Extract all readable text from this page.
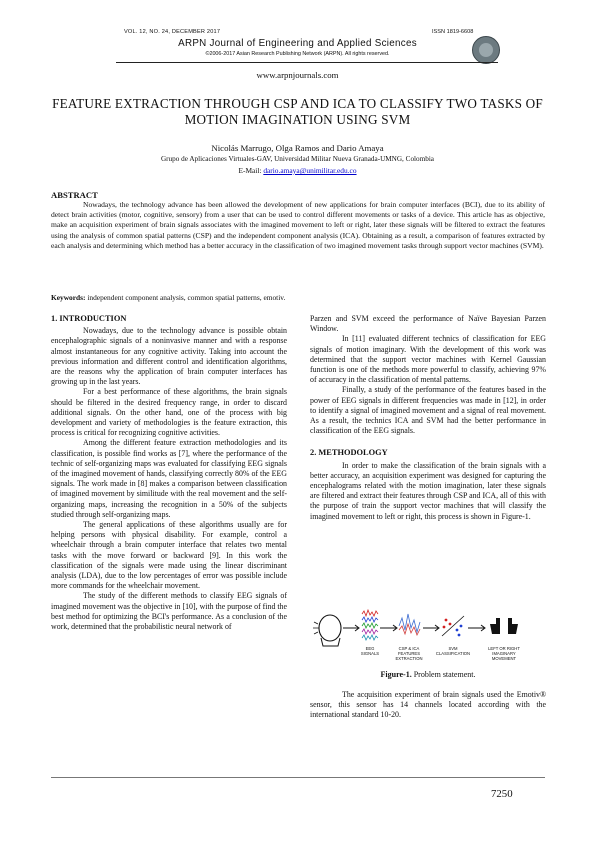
VOL. 12, NO. 24, DECEMBER 2017	ISSN 1819-6608
ARPN Journal of Engineering and Applied Sciences
©2006-2017 Asian Research Publishing Network (ARPN). All rights reserved.
www.arpnjournals.com
FEATURE EXTRACTION THROUGH CSP AND ICA TO CLASSIFY TWO TASKS OF MOTION IMAGINATION USING SVM
Nicolás Marrugo, Olga Ramos and Dario Amaya
Grupo de Aplicaciones Virtuales-GAV, Universidad Militar Nueva Granada-UMNG, Colombia
E-Mail: dario.amaya@unimilitar.edu.co
ABSTRACT
Nowadays, the technology advance has been allowed the development of new applications for brain computer interfaces (BCI), due to its ability of detect brain activities (motor, cognitive, sensory) from a user that can be used to control different movements or tasks of a device. This article has as objective, make an acquisition experiment of brain signals associates with the imagined movement to left or right, later these signals will be filtered to extract the features using the analysis of common spatial patterns (CSP) and the independent component analysis (ICA). Obtaining as a result, a comparison of features extracted by each analysis and determining which method has a better accuracy in the classification of two imagined movement tasks through support vector machines (SVM).
Keywords: independent component analysis, common spatial patterns, emotiv.
1. INTRODUCTION

Nowadays, due to the technology advance is possible obtain encephalographic signals of a noninvasive manner and with a response almost instantaneous for any cognitive activity. Taking into account the previous information and different control and identification algorithms, are the reasons why the application of brain computer interfaces has growing up in the last years.

For a best performance of these algorithms, the brain signals should be filtered in the desired frequency range, in order to discard additional signals. On the other hand, one of the process with big development and variety of methodologies is the feature extraction, this process is critical for recognizing cognitive activities.

Among the different feature extraction methodologies and its classification, is possible find works as [7], where the performance of the technic of self-organizing maps was evaluated for classifying EEG signals of the imagined movement of hands, classifying correctly 80% of the EEG signals. The work made in [8] makes a comparison between classification of imagined movement by similitude with the real movement and the self-organizing maps, increasing the recognition in a 50% of the subjects studied through self-organizing maps.

The general applications of these algorithms usually are for helping persons with physical disability. For example, control a wheelchair through a brain computer interface that relates two mental tasks with the move forward or backward [9]. In this work the classification of the signals were made using the linear discriminant analysis (LDA), due to the low percentages of error was possible include more commands for the wheelchair movement.

The study of the different methods to classify EEG signals of imagined movement was the objective in [10], with the purpose of find the best method for optimizing the BCI's performance. As a conclusion of the work, determined that the probabilistic neural network of

Parzen and SVM exceed the performance of Naïve Bayesian Parzen Window.

In [11] evaluated different technics of classification for EEG signals of motion imaginary. With the development of this work was determined that the support vector machines with Kernel Gaussian function is one of the methods more powerful to classify, achieving 97% of accuracy in the classification of mental patterns.

Finally, a study of the performance of the features based in the power of EEG signals in different frequencies was made in [12], in order to identify a signal of imagined movement and a signal of real movement. As a result, the technics ICA and SVM had the better performance in classification of the EEG signals.

2. METHODOLOGY

In order to make the classification of the brain signals with a better accuracy, an acquisition experiment was designed for capturing the encephalograms related with the motion imagination, later these signals are filtered and extract their features through CSP and ICA, all of this with the purpose of train the support vector machines that will classify the imagined movement to left or right, this process is shown in Figure-1.

EEG SIGNALS
CSP & ICA FEATURES EXTRACTION
SVM CLASSIFICATION
LEFT OR RIGHT IMAGINARY MOVEMENT
Figure-1. Problem statement.

The acquisition experiment of brain signals used the Emotiv® sensor, this sensor has 14 channels located according with the international standard 10-20.

7250
